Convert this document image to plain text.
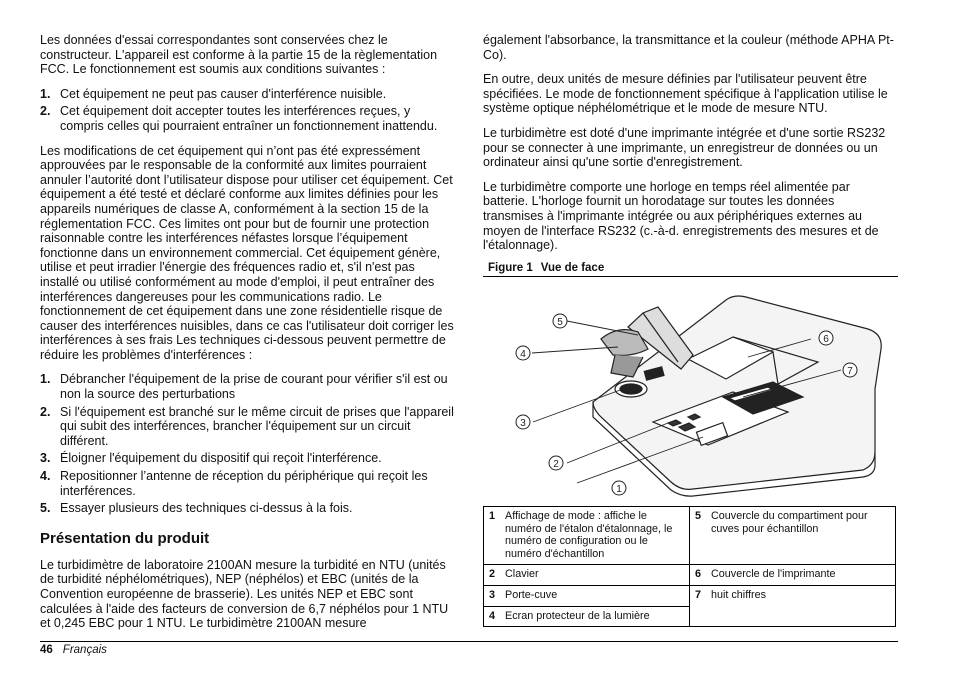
Les données d'essai correspondantes sont conservées chez le constructeur. L'appareil est conforme à la partie 15 de la règlementation FCC. Le fonctionnement est soumis aux conditions suivantes :

1. Cet équipement ne peut pas causer d'interférence nuisible.
2. Cet équipement doit accepter toutes les interférences reçues, y compris celles qui pourraient entraîner un fonctionnement inattendu.

Les modifications de cet équipement qui n’ont pas été expressément approuvées par le responsable de la conformité aux limites pourraient annuler l’autorité dont l’utilisateur dispose pour utiliser cet équipement. Cet équipement a été testé et déclaré conforme aux limites définies pour les appareils numériques de classe A, conformément à la section 15 de la réglementation FCC. Ces limites ont pour but de fournir une protection raisonnable contre les interférences néfastes lorsque l’équipement fonctionne dans un environnement commercial. Cet équipement génère, utilise et peut irradier l'énergie des fréquences radio et, s'il n'est pas installé ou utilisé conformément au mode d'emploi, il peut entraîner des interférences dangereuses pour les communications radio. Le fonctionnement de cet équipement dans une zone résidentielle risque de causer des interférences nuisibles, dans ce cas l'utilisateur doit corriger les interférences à ses frais Les techniques ci-dessous peuvent permettre de réduire les problèmes d'interférences :

1. Débrancher l'équipement de la prise de courant pour vérifier s'il est ou non la source des perturbations
2. Si l'équipement est branché sur le même circuit de prises que l'appareil qui subit des interférences, brancher l'équipement sur un circuit différent.
3. Éloigner l'équipement du dispositif qui reçoit l'interférence.
4. Repositionner l’antenne de réception du périphérique qui reçoit les interférences.
5. Essayer plusieurs des techniques ci-dessus à la fois.
Présentation du produit

Le turbidimètre de laboratoire 2100AN mesure la turbidité en NTU (unités de turbidité néphélométriques), NEP (néphélos) et EBC (unités de la Convention européenne de brasserie). Les unités NEP et EBC sont calculées à l'aide des facteurs de conversion de 6,7 néphélos pour 1 NTU et 0,245 EBC pour 1 NTU. Le turbidimètre 2100AN mesure

également l'absorbance, la transmittance et la couleur (méthode APHA Pt-Co).

En outre, deux unités de mesure définies par l'utilisateur peuvent être spécifiées. Le mode de fonctionnement spécifique à l'application utilise le système optique néphélométrique et le mode de mesure NTU.

Le turbidimètre est doté d'une imprimante intégrée et d'une sortie RS232 pour se connecter à une imprimante, un enregistreur de données ou un ordinateur ainsi qu'une sortie d'enregistrement.

Le turbidimètre comporte une horloge en temps réel alimentée par batterie. L'horloge fournit un horodatage sur toutes les données transmises à l'imprimante intégrée ou aux périphériques externes au moyen de l'interface RS232 (c.-à-d. enregistrements des mesures et de l'étalonnage).

Figure 1 Vue de face
1
2
3
4
5
6
7
1 Affichage de mode : affiche le numéro de l'étalon d'étalonnage, le numéro de configuration ou le numéro d'échantillon	5 Couvercle du compartiment pour cuves pour échantillon
2 Clavier	6 Couvercle de l'imprimante
3 Porte-cuve	7 huit chiffres
4 Ecran protecteur de la lumière	
46 Français
